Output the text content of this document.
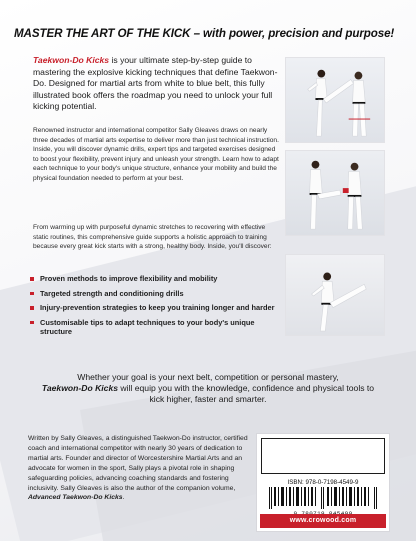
MASTER THE ART OF THE KICK – with power, precision and purpose!

Taekwon-Do Kicks is your ultimate step-by-step guide to mastering the explosive kicking techniques that define Taekwon-Do. Designed for martial arts from white to blue belt, this fully illustrated book offers the roadmap you need to unlock your full kicking potential.

Renowned instructor and international competitor Sally Gleaves draws on nearly three decades of martial arts expertise to deliver more than just technical instruction. Inside, you will discover dynamic drills, expert tips and targeted exercises designed to boost your flexibility, prevent injury and unleash your strength. Learn how to adapt each technique to your body's unique structure, enhance your mobility and build the physical foundation needed to perform at your best.

From warming up with purposeful dynamic stretches to recovering with effective static routines, this comprehensive guide supports a holistic approach to training because every great kick starts with a strong, healthy body. Inside, you'll discover:

Proven methods to improve flexibility and mobility
Targeted strength and conditioning drills
Injury-prevention strategies to keep you training longer and harder
Customisable tips to adapt techniques to your body's unique structure

Whether your goal is your next belt, competition or personal mastery,
Taekwon-Do Kicks will equip you with the knowledge, confidence and physical tools to kick higher, faster and smarter.

Written by Sally Gleaves, a distinguished Taekwon-Do instructor, certified coach and international competitor with nearly 30 years of dedication to martial arts. Founder and director of Worcestershire Martial Arts and an advocate for women in the sport, Sally plays a pivotal role in shaping safeguarding policies, advancing coaching standards and fostering inclusivity. Sally Gleaves is also the author of the companion volume, Advanced Taekwon-Do Kicks.

ISBN: 978-0-7198-4549-9
www.crowood.com
